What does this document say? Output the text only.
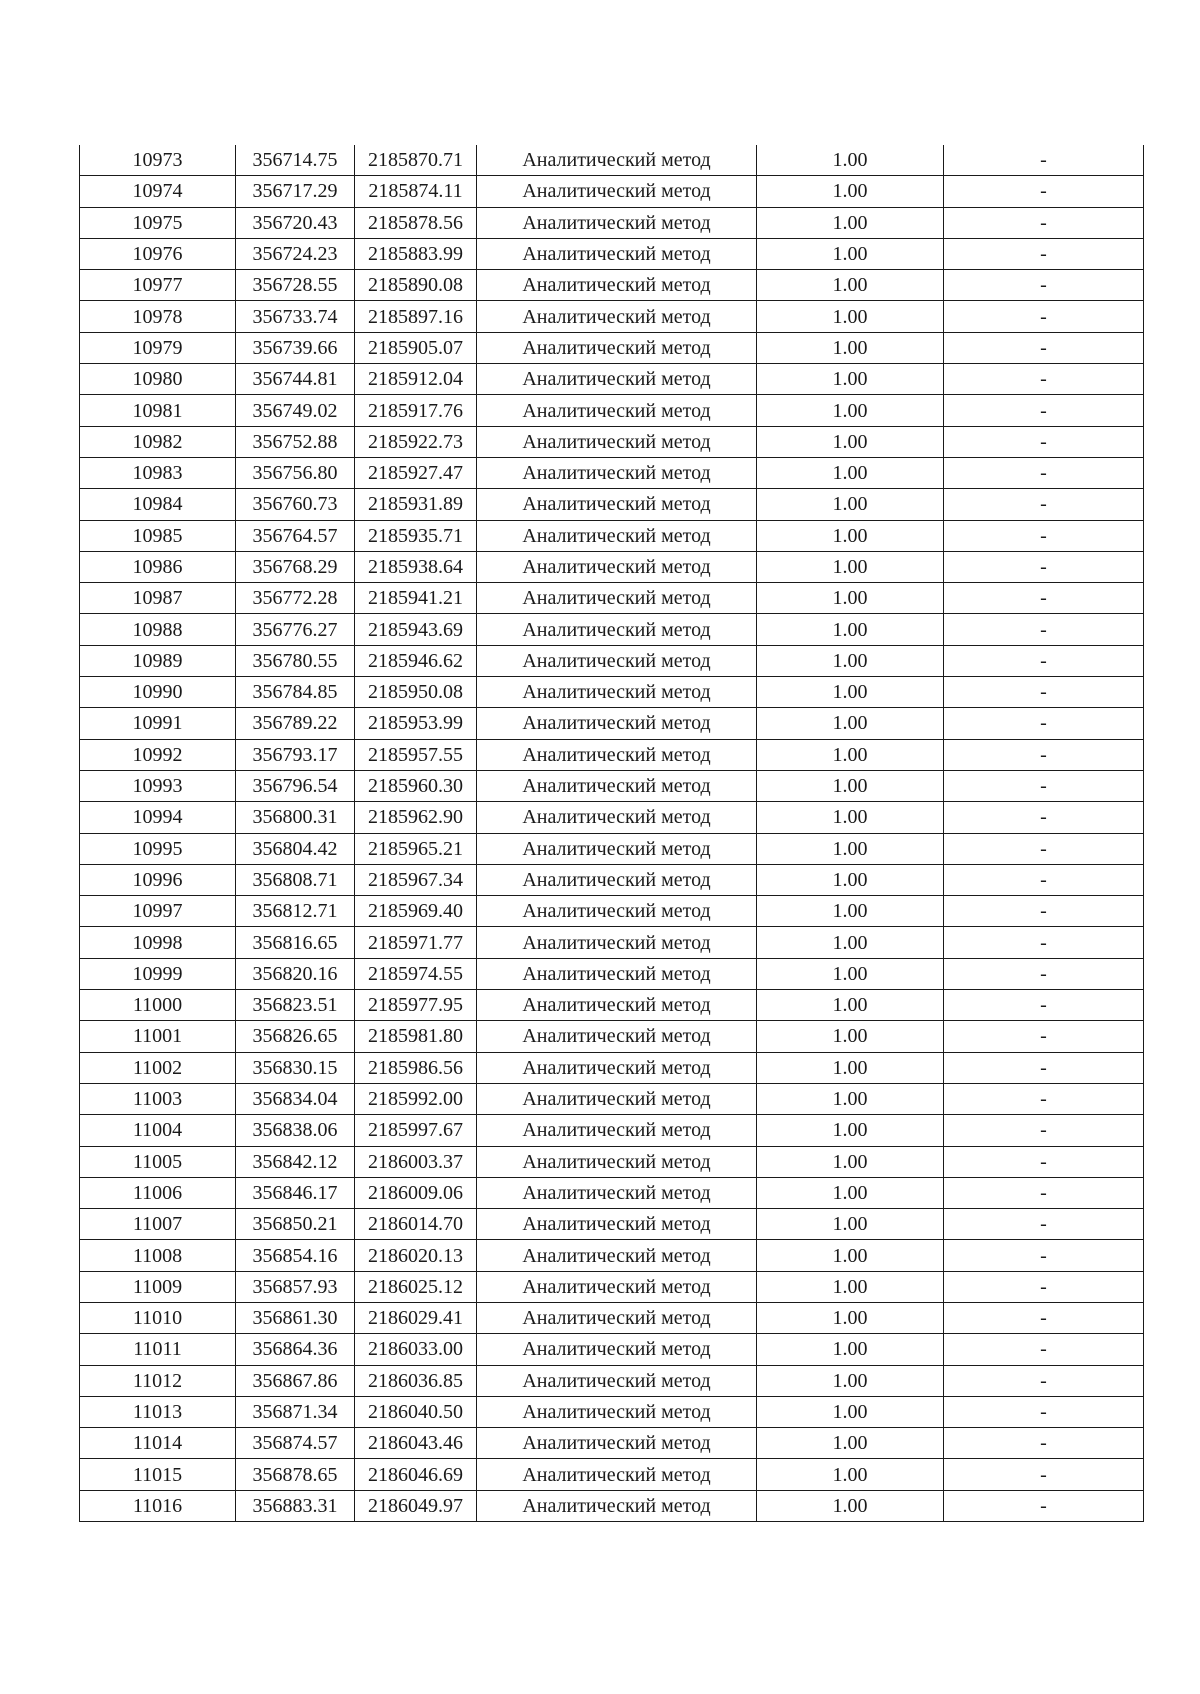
10973	356714.75	2185870.71	Аналитический метод	1.00	-
10974	356717.29	2185874.11	Аналитический метод	1.00	-
10975	356720.43	2185878.56	Аналитический метод	1.00	-
10976	356724.23	2185883.99	Аналитический метод	1.00	-
10977	356728.55	2185890.08	Аналитический метод	1.00	-
10978	356733.74	2185897.16	Аналитический метод	1.00	-
10979	356739.66	2185905.07	Аналитический метод	1.00	-
10980	356744.81	2185912.04	Аналитический метод	1.00	-
10981	356749.02	2185917.76	Аналитический метод	1.00	-
10982	356752.88	2185922.73	Аналитический метод	1.00	-
10983	356756.80	2185927.47	Аналитический метод	1.00	-
10984	356760.73	2185931.89	Аналитический метод	1.00	-
10985	356764.57	2185935.71	Аналитический метод	1.00	-
10986	356768.29	2185938.64	Аналитический метод	1.00	-
10987	356772.28	2185941.21	Аналитический метод	1.00	-
10988	356776.27	2185943.69	Аналитический метод	1.00	-
10989	356780.55	2185946.62	Аналитический метод	1.00	-
10990	356784.85	2185950.08	Аналитический метод	1.00	-
10991	356789.22	2185953.99	Аналитический метод	1.00	-
10992	356793.17	2185957.55	Аналитический метод	1.00	-
10993	356796.54	2185960.30	Аналитический метод	1.00	-
10994	356800.31	2185962.90	Аналитический метод	1.00	-
10995	356804.42	2185965.21	Аналитический метод	1.00	-
10996	356808.71	2185967.34	Аналитический метод	1.00	-
10997	356812.71	2185969.40	Аналитический метод	1.00	-
10998	356816.65	2185971.77	Аналитический метод	1.00	-
10999	356820.16	2185974.55	Аналитический метод	1.00	-
11000	356823.51	2185977.95	Аналитический метод	1.00	-
11001	356826.65	2185981.80	Аналитический метод	1.00	-
11002	356830.15	2185986.56	Аналитический метод	1.00	-
11003	356834.04	2185992.00	Аналитический метод	1.00	-
11004	356838.06	2185997.67	Аналитический метод	1.00	-
11005	356842.12	2186003.37	Аналитический метод	1.00	-
11006	356846.17	2186009.06	Аналитический метод	1.00	-
11007	356850.21	2186014.70	Аналитический метод	1.00	-
11008	356854.16	2186020.13	Аналитический метод	1.00	-
11009	356857.93	2186025.12	Аналитический метод	1.00	-
11010	356861.30	2186029.41	Аналитический метод	1.00	-
11011	356864.36	2186033.00	Аналитический метод	1.00	-
11012	356867.86	2186036.85	Аналитический метод	1.00	-
11013	356871.34	2186040.50	Аналитический метод	1.00	-
11014	356874.57	2186043.46	Аналитический метод	1.00	-
11015	356878.65	2186046.69	Аналитический метод	1.00	-
11016	356883.31	2186049.97	Аналитический метод	1.00	-
